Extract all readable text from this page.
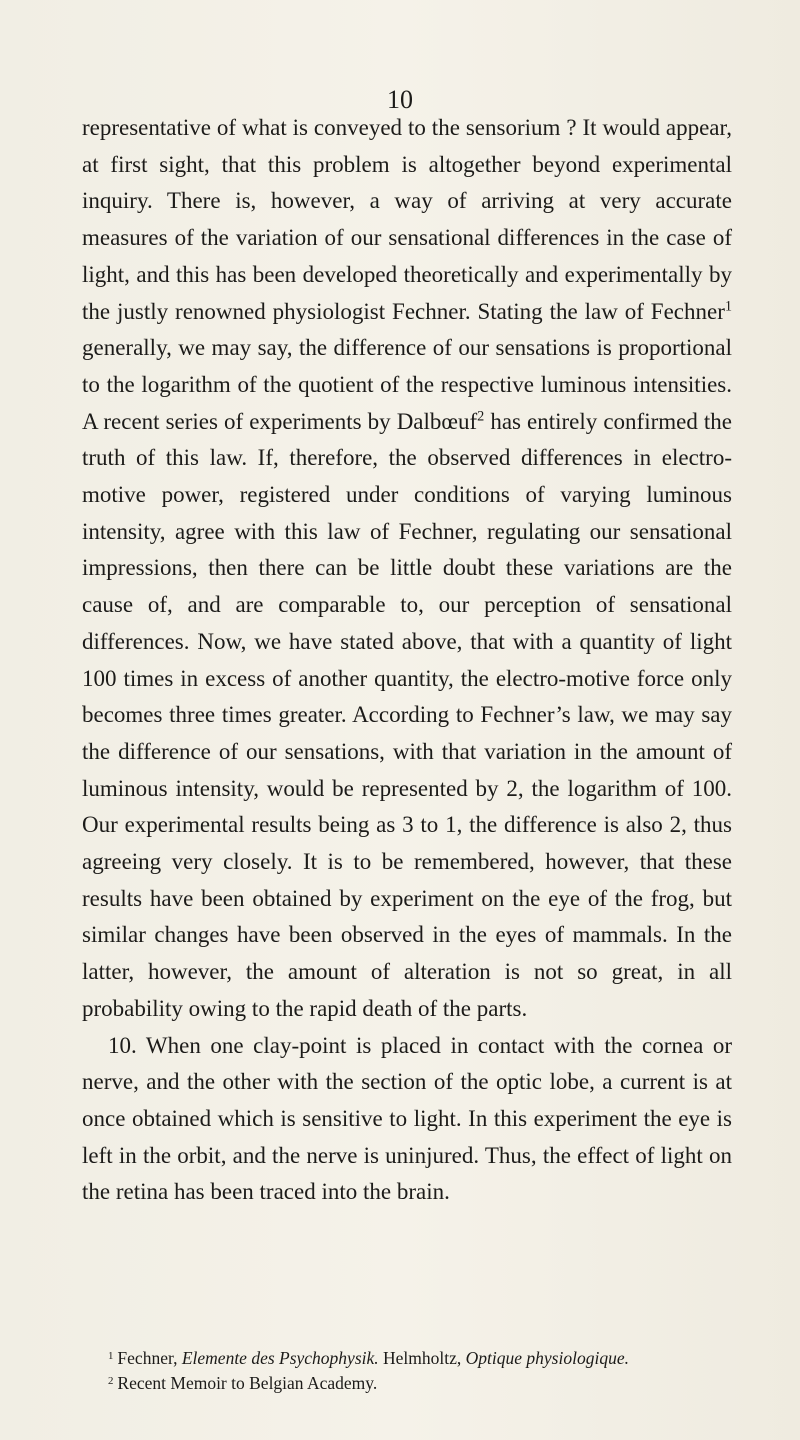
10

representative of what is conveyed to the sensorium ? It would appear, at first sight, that this problem is altogether beyond experimental inquiry. There is, however, a way of arriving at very accurate measures of the variation of our sensational differences in the case of light, and this has been developed theoretically and experimentally by the justly renowned physiologist Fechner. Stating the law of Fechner$^1$ generally, we may say, the difference of our sensations is proportional to the logarithm of the quotient of the respective luminous intensities. A recent series of experiments by Dalbœuf$^2$ has entirely confirmed the truth of this law. If, therefore, the observed differences in electro-motive power, registered under conditions of varying luminous intensity, agree with this law of Fechner, regulating our sensational impressions, then there can be little doubt these variations are the cause of, and are comparable to, our perception of sensational differences. Now, we have stated above, that with a quantity of light 100 times in excess of another quantity, the electro-motive force only becomes three times greater. According to Fechner’s law, we may say the difference of our sensations, with that variation in the amount of luminous intensity, would be represented by 2, the logarithm of 100. Our experimental results being as 3 to 1, the difference is also 2, thus agreeing very closely. It is to be remembered, however, that these results have been obtained by experiment on the eye of the frog, but similar changes have been observed in the eyes of mammals. In the latter, however, the amount of alteration is not so great, in all probability owing to the rapid death of the parts.

10. When one clay-point is placed in contact with the cornea or nerve, and the other with the section of the optic lobe, a current is at once obtained which is sensitive to light. In this experiment the eye is left in the orbit, and the nerve is uninjured. Thus, the effect of light on the retina has been traced into the brain.

$^1$ Fechner, Elemente des Psychophysik. Helmholtz, Optique physiologique.

$^2$ Recent Memoir to Belgian Academy.
